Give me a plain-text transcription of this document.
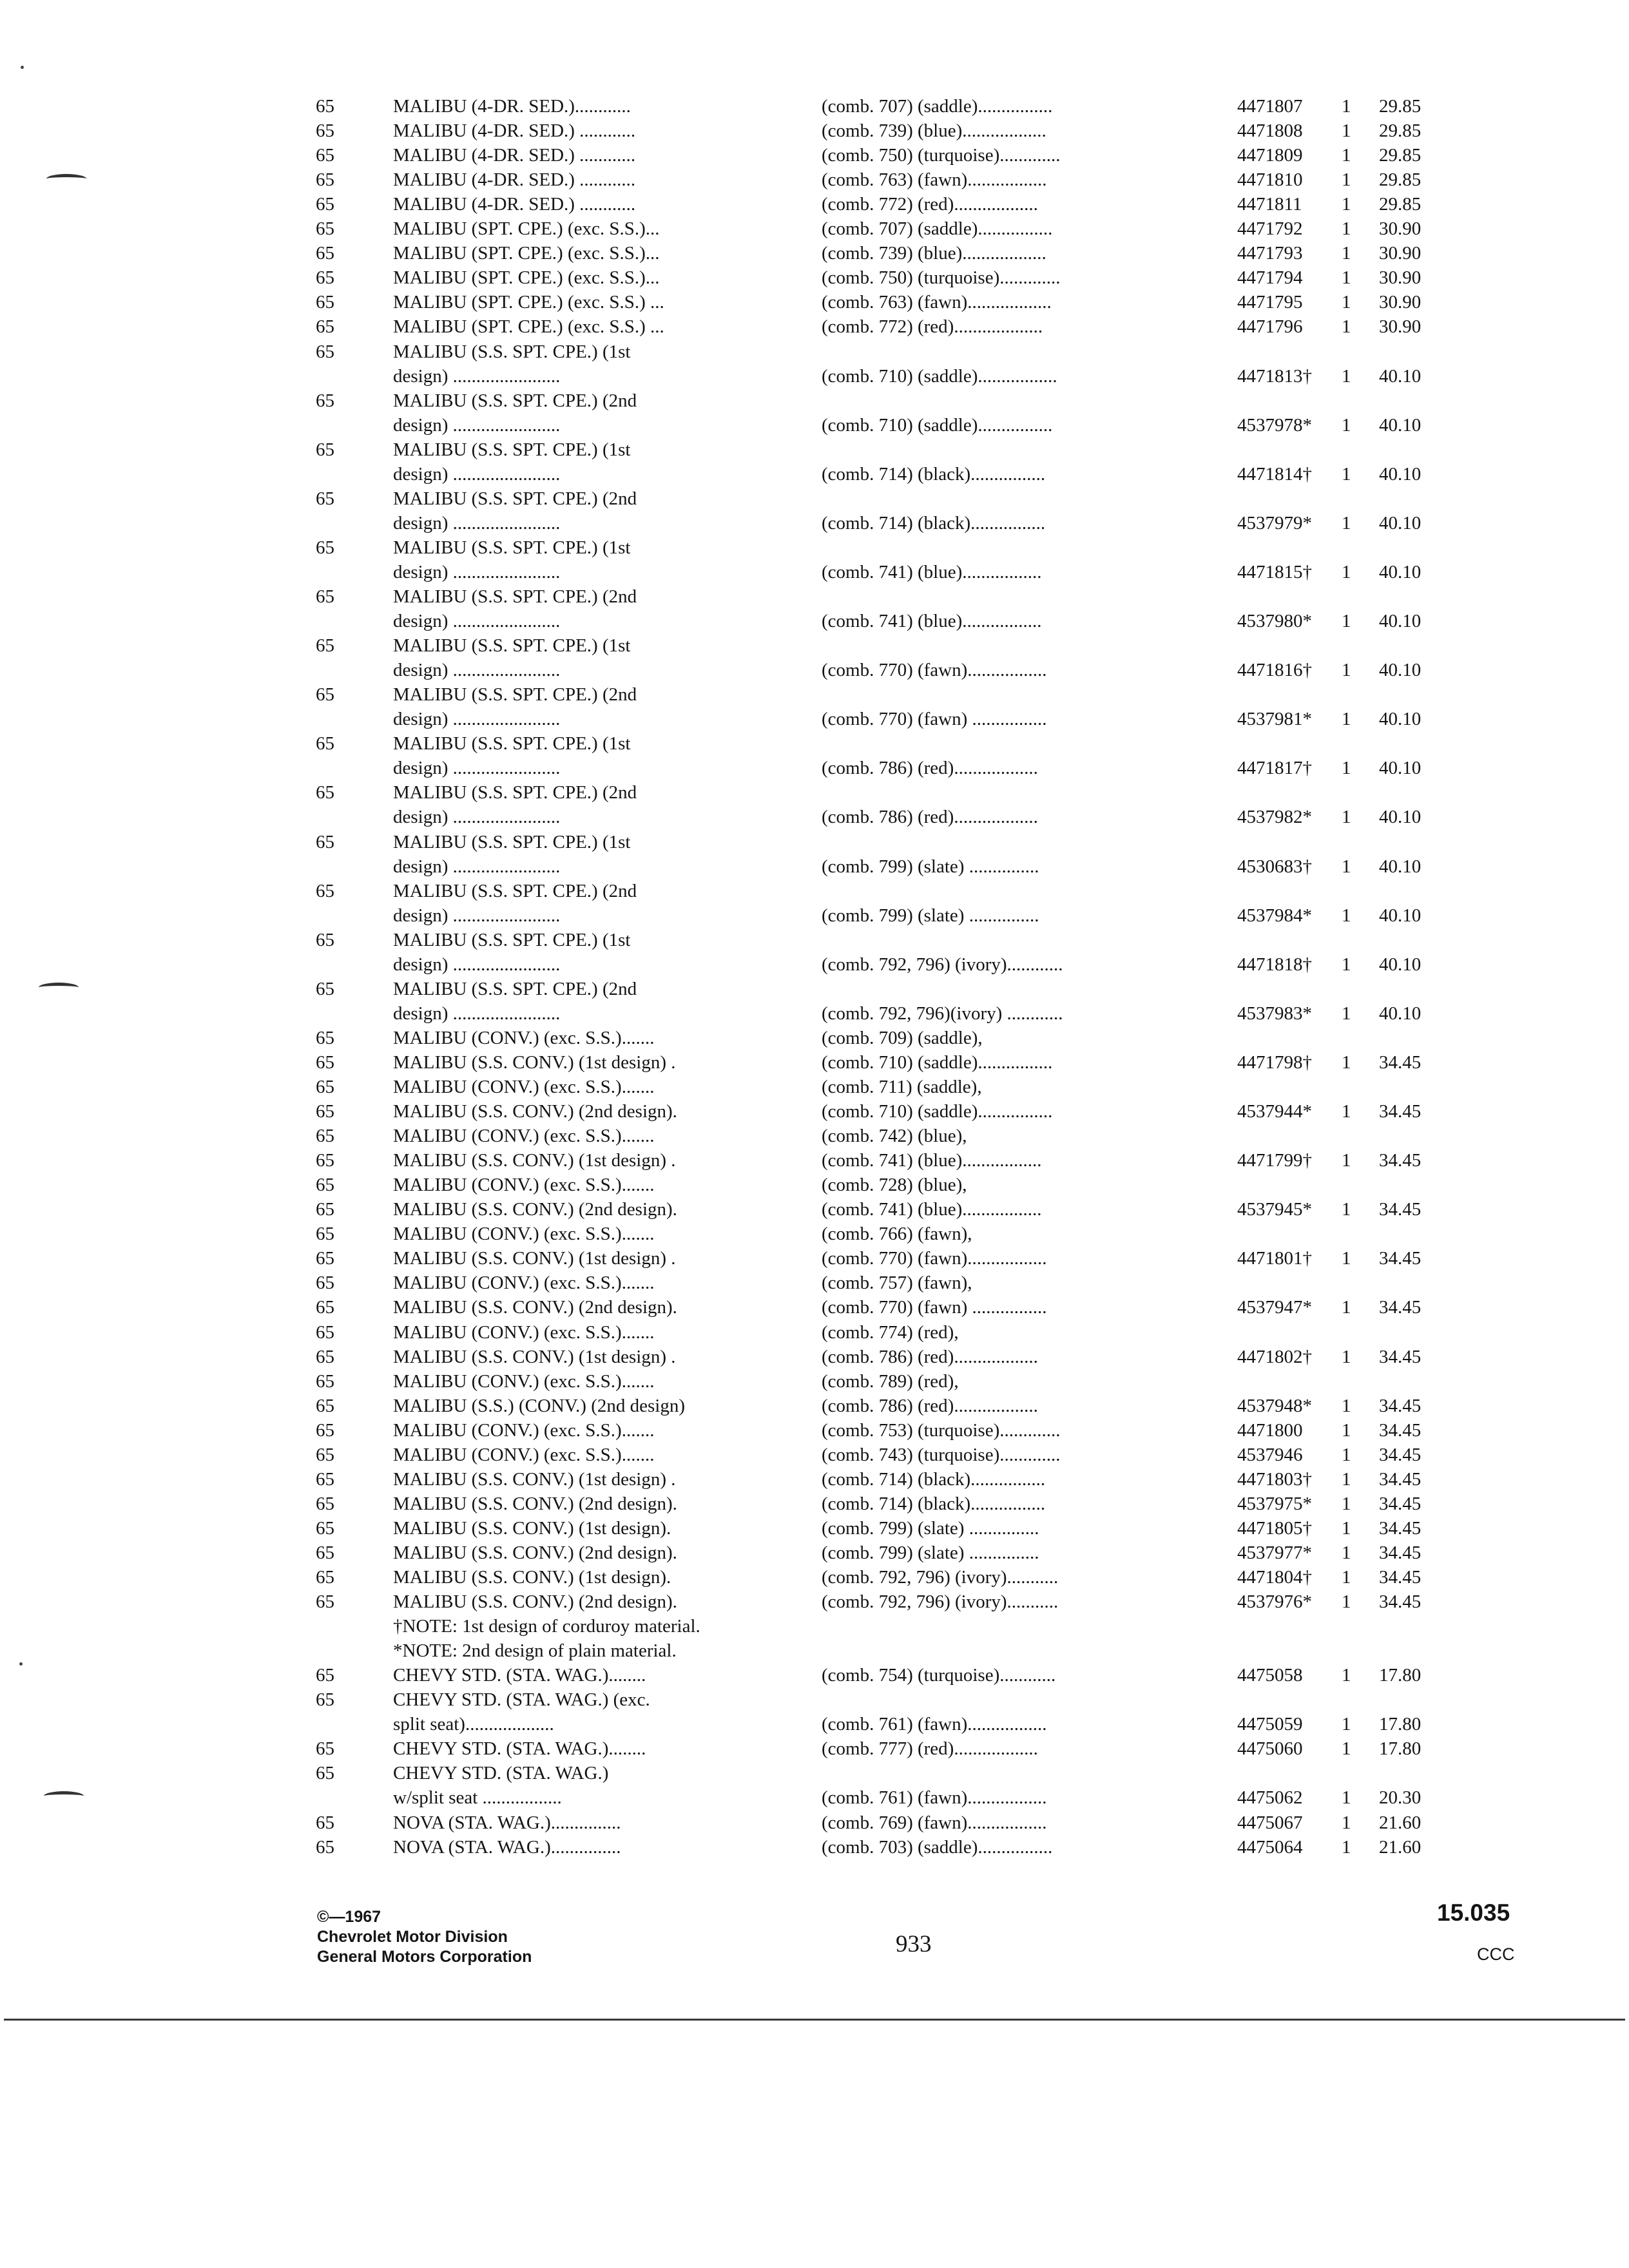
65	MALIBU (4-DR. SED.)............	(comb. 707) (saddle)................	4471807 1 29.85
65	MALIBU (4-DR. SED.) ............	(comb. 739) (blue)..................	4471808 1 29.85
65	MALIBU (4-DR. SED.) ............	(comb. 750) (turquoise).............	4471809 1 29.85
65	MALIBU (4-DR. SED.) ............	(comb. 763) (fawn).................	4471810 1 29.85
65	MALIBU (4-DR. SED.) ............	(comb. 772) (red)..................	4471811 1 29.85
65	MALIBU (SPT. CPE.) (exc. S.S.)...	(comb. 707) (saddle)................	4471792 1 30.90
65	MALIBU (SPT. CPE.) (exc. S.S.)...	(comb. 739) (blue)..................	4471793 1 30.90
65	MALIBU (SPT. CPE.) (exc. S.S.)...	(comb. 750) (turquoise).............	4471794 1 30.90
65	MALIBU (SPT. CPE.) (exc. S.S.) ...	(comb. 763) (fawn)..................	4471795 1 30.90
65	MALIBU (SPT. CPE.) (exc. S.S.) ...	(comb. 772) (red)...................	4471796 1 30.90
65	MALIBU (S.S. SPT. CPE.) (1st
design) .......................	(comb. 710) (saddle).................	4471813† 1 40.10
65	MALIBU (S.S. SPT. CPE.) (2nd
design) .......................	(comb. 710) (saddle)................	4537978* 1 40.10
65	MALIBU (S.S. SPT. CPE.) (1st
design) .......................	(comb. 714) (black)................	4471814† 1 40.10
65	MALIBU (S.S. SPT. CPE.) (2nd
design) .......................	(comb. 714) (black)................	4537979* 1 40.10
65	MALIBU (S.S. SPT. CPE.) (1st
design) .......................	(comb. 741) (blue).................	4471815† 1 40.10
65	MALIBU (S.S. SPT. CPE.) (2nd
design) .......................	(comb. 741) (blue).................	4537980* 1 40.10
65	MALIBU (S.S. SPT. CPE.) (1st
design) .......................	(comb. 770) (fawn).................	4471816† 1 40.10
65	MALIBU (S.S. SPT. CPE.) (2nd
design) .......................	(comb. 770) (fawn) ................	4537981* 1 40.10
65	MALIBU (S.S. SPT. CPE.) (1st
design) .......................	(comb. 786) (red)..................	4471817† 1 40.10
65	MALIBU (S.S. SPT. CPE.) (2nd
design) .......................	(comb. 786) (red)..................	4537982* 1 40.10
65	MALIBU (S.S. SPT. CPE.) (1st
design) .......................	(comb. 799) (slate) ...............	4530683† 1 40.10
65	MALIBU (S.S. SPT. CPE.) (2nd
design) .......................	(comb. 799) (slate) ...............	4537984* 1 40.10
65	MALIBU (S.S. SPT. CPE.) (1st
design) .......................	(comb. 792, 796) (ivory)............	4471818† 1 40.10
65	MALIBU (S.S. SPT. CPE.) (2nd
design) .......................	(comb. 792, 796)(ivory) ............	4537983* 1 40.10
65	MALIBU (CONV.) (exc. S.S.).......	(comb. 709) (saddle),
65	MALIBU (S.S. CONV.) (1st design) .	(comb. 710) (saddle)................	4471798† 1 34.45
65	MALIBU (CONV.) (exc. S.S.).......	(comb. 711) (saddle),
65	MALIBU (S.S. CONV.) (2nd design).	(comb. 710) (saddle)................	4537944* 1 34.45
65	MALIBU (CONV.) (exc. S.S.).......	(comb. 742) (blue),
65	MALIBU (S.S. CONV.) (1st design) .	(comb. 741) (blue).................	4471799† 1 34.45
65	MALIBU (CONV.) (exc. S.S.).......	(comb. 728) (blue),
65	MALIBU (S.S. CONV.) (2nd design).	(comb. 741) (blue).................	4537945* 1 34.45
65	MALIBU (CONV.) (exc. S.S.).......	(comb. 766) (fawn),
65	MALIBU (S.S. CONV.) (1st design) .	(comb. 770) (fawn).................	4471801† 1 34.45
65	MALIBU (CONV.) (exc. S.S.).......	(comb. 757) (fawn),
65	MALIBU (S.S. CONV.) (2nd design).	(comb. 770) (fawn) ................	4537947* 1 34.45
65	MALIBU (CONV.) (exc. S.S.).......	(comb. 774) (red),
65	MALIBU (S.S. CONV.) (1st design) .	(comb. 786) (red)..................	4471802† 1 34.45
65	MALIBU (CONV.) (exc. S.S.).......	(comb. 789) (red),
65	MALIBU (S.S.) (CONV.) (2nd design)	(comb. 786) (red)..................	4537948* 1 34.45
65	MALIBU (CONV.) (exc. S.S.).......	(comb. 753) (turquoise).............	4471800 1 34.45
65	MALIBU (CONV.) (exc. S.S.).......	(comb. 743) (turquoise).............	4537946 1 34.45
65	MALIBU (S.S. CONV.) (1st design) .	(comb. 714) (black)................	4471803† 1 34.45
65	MALIBU (S.S. CONV.) (2nd design).	(comb. 714) (black)................	4537975* 1 34.45
65	MALIBU (S.S. CONV.) (1st design).	(comb. 799) (slate) ...............	4471805† 1 34.45
65	MALIBU (S.S. CONV.) (2nd design).	(comb. 799) (slate) ...............	4537977* 1 34.45
65	MALIBU (S.S. CONV.) (1st design).	(comb. 792, 796) (ivory)...........	4471804† 1 34.45
65	MALIBU (S.S. CONV.) (2nd design).	(comb. 792, 796) (ivory)...........	4537976* 1 34.45
†NOTE: 1st design of corduroy material.
*NOTE: 2nd design of plain material.
65	CHEVY STD. (STA. WAG.)........	(comb. 754) (turquoise)............	4475058 1 17.80
65	CHEVY STD. (STA. WAG.) (exc.
split seat)...................	(comb. 761) (fawn).................	4475059 1 17.80
65	CHEVY STD. (STA. WAG.)........	(comb. 777) (red)..................	4475060 1 17.80
65	CHEVY STD. (STA. WAG.)
w/split seat .................	(comb. 761) (fawn).................	4475062 1 20.30
65	NOVA (STA. WAG.)...............	(comb. 769) (fawn).................	4475067 1 21.60
65	NOVA (STA. WAG.)...............	(comb. 703) (saddle)................	4475064 1 21.60
©—1967
Chevrolet Motor Division
General Motors Corporation	933
15.035
CCC
